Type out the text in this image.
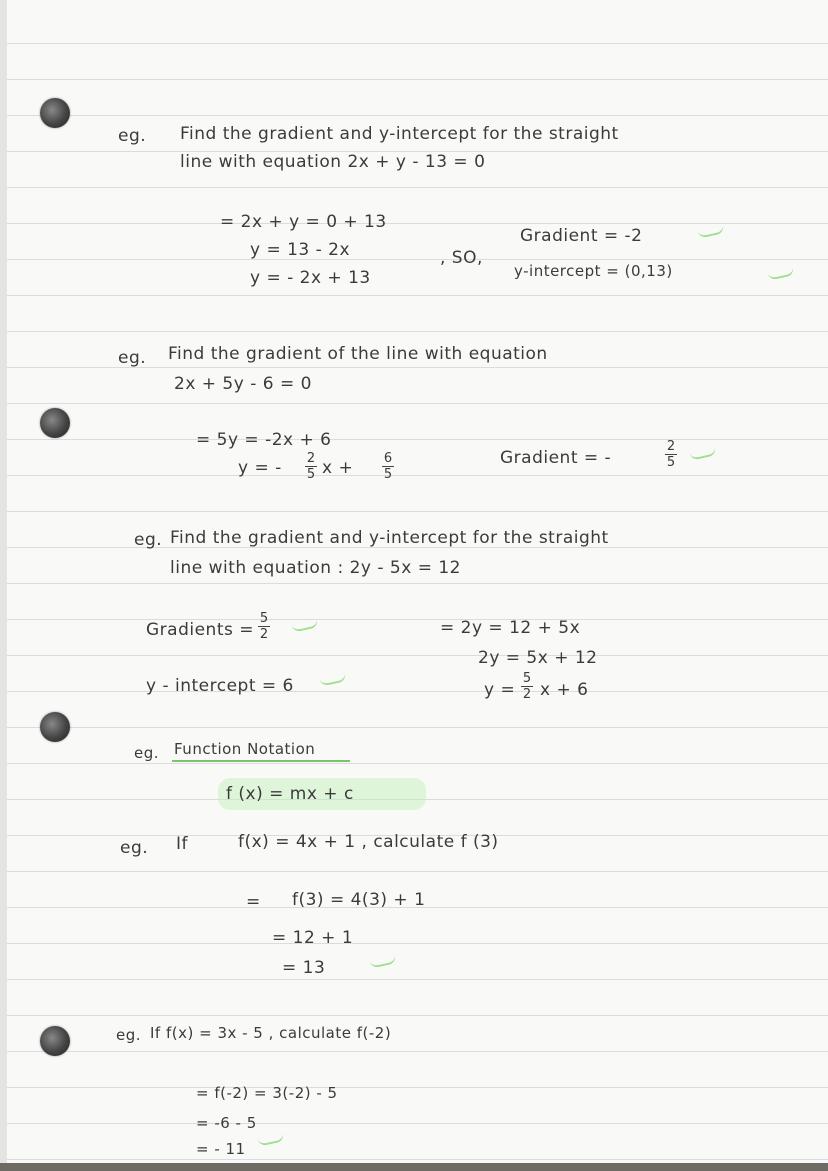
eg. Find the gradient and y-intercept for the straight
line with equation 2x + y - 13 = 0
= 2x + y = 0 + 13
y = 13 - 2x
y = - 2x + 13
, SO,
Gradient = -2
y-intercept = (0,13)
eg. Find the gradient of the line with equation
2x + 5y - 6 = 0
= 5y = -2x + 6
y = - 2
5 x + 6
5
Gradient = -
2
5
eg. Find the gradient and y-intercept for the straight
line with equation : 2y - 5x = 12
Gradients =
5
2
y - intercept = 6
= 2y = 12 + 5x
2y = 5x + 12
y =
5
2 x + 6
eg. Function Notation
f (x) = mx + c
eg. If	f(x) = 4x + 1 , calculate f (3)
= f(3) = 4(3) + 1
= 12 + 1
= 13
eg. If f(x) = 3x - 5 , calculate f(-2)
= f(-2) = 3(-2) - 5
= -6 - 5
= - 11
